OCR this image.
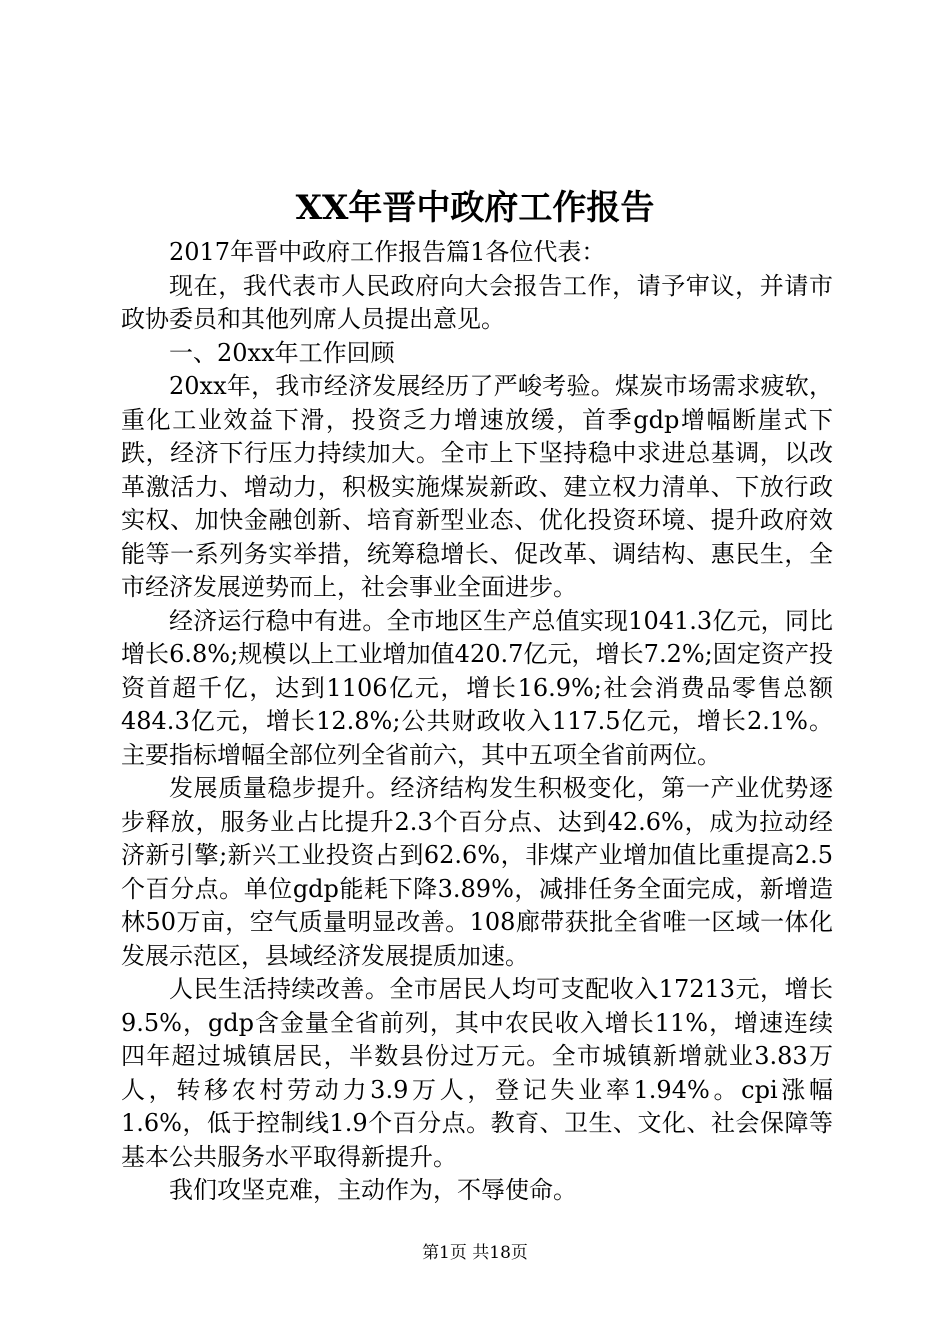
XX年晋中政府工作报告

2017年晋中政府工作报告篇1各位代表：

现在，我代表市人民政府向大会报告工作，请予审议，并请市政协委员和其他列席人员提出意见。

一、20xx年工作回顾

20xx年，我市经济发展经历了严峻考验。煤炭市场需求疲软，重化工业效益下滑，投资乏力增速放缓，首季gdp增幅断崖式下跌，经济下行压力持续加大。全市上下坚持稳中求进总基调，以改革激活力、增动力，积极实施煤炭新政、建立权力清单、下放行政实权、加快金融创新、培育新型业态、优化投资环境、提升政府效能等一系列务实举措，统筹稳增长、促改革、调结构、惠民生，全市经济发展逆势而上，社会事业全面进步。

经济运行稳中有进。全市地区生产总值实现1041.3亿元，同比增长6.8%;规模以上工业增加值420.7亿元，增长7.2%;固定资产投资首超千亿，达到1106亿元，增长16.9%;社会消费品零售总额484.3亿元，增长12.8%;公共财政收入117.5亿元，增长2.1%。主要指标增幅全部位列全省前六，其中五项全省前两位。

发展质量稳步提升。经济结构发生积极变化，第一产业优势逐步释放，服务业占比提升2.3个百分点、达到42.6%，成为拉动经济新引擎;新兴工业投资占到62.6%，非煤产业增加值比重提高2.5个百分点。单位gdp能耗下降3.89%，减排任务全面完成，新增造林50万亩，空气质量明显改善。108廊带获批全省唯一区域一体化发展示范区，县域经济发展提质加速。

人民生活持续改善。全市居民人均可支配收入17213元，增长9.5%，gdp含金量全省前列，其中农民收入增长11%，增速连续四年超过城镇居民，半数县份过万元。全市城镇新增就业3.83万人，转移农村劳动力3.9万人，登记失业率1.94%。cpi涨幅1.6%，低于控制线1.9个百分点。教育、卫生、文化、社会保障等基本公共服务水平取得新提升。

我们攻坚克难，主动作为，不辱使命。

第1页 共18页
